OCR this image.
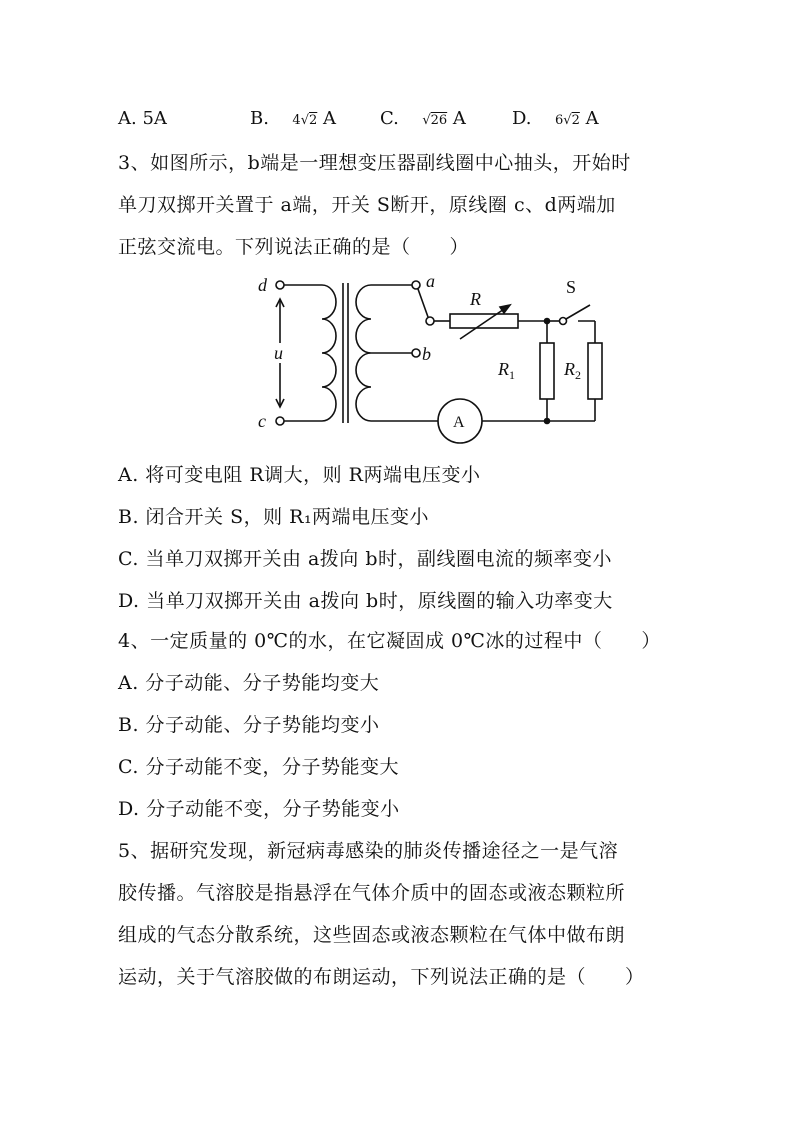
A. 5A	B. 4√2 A C. √26 A	D. 6√2 A
3、如图所示，b端是一理想变压器副线圈中心抽头，开始时
单刀双掷开关置于 a端，开关 S断开，原线圈 c、d两端加
正弦交流电。下列说法正确的是（　　）
d
c
u
a
b
R
S
$R_1$	$R_2$
A
A. 将可变电阻 R调大，则 R两端电压变小
B. 闭合开关 S，则 R₁两端电压变小
C. 当单刀双掷开关由 a拨向 b时，副线圈电流的频率变小
D. 当单刀双掷开关由 a拨向 b时，原线圈的输入功率变大
4、一定质量的 0℃的水，在它凝固成 0℃冰的过程中（　　）
A. 分子动能、分子势能均变大
B. 分子动能、分子势能均变小
C. 分子动能不变，分子势能变大
D. 分子动能不变，分子势能变小
5、据研究发现，新冠病毒感染的肺炎传播途径之一是气溶
胶传播。气溶胶是指悬浮在气体介质中的固态或液态颗粒所
组成的气态分散系统，这些固态或液态颗粒在气体中做布朗
运动，关于气溶胶做的布朗运动，下列说法正确的是（　　）
